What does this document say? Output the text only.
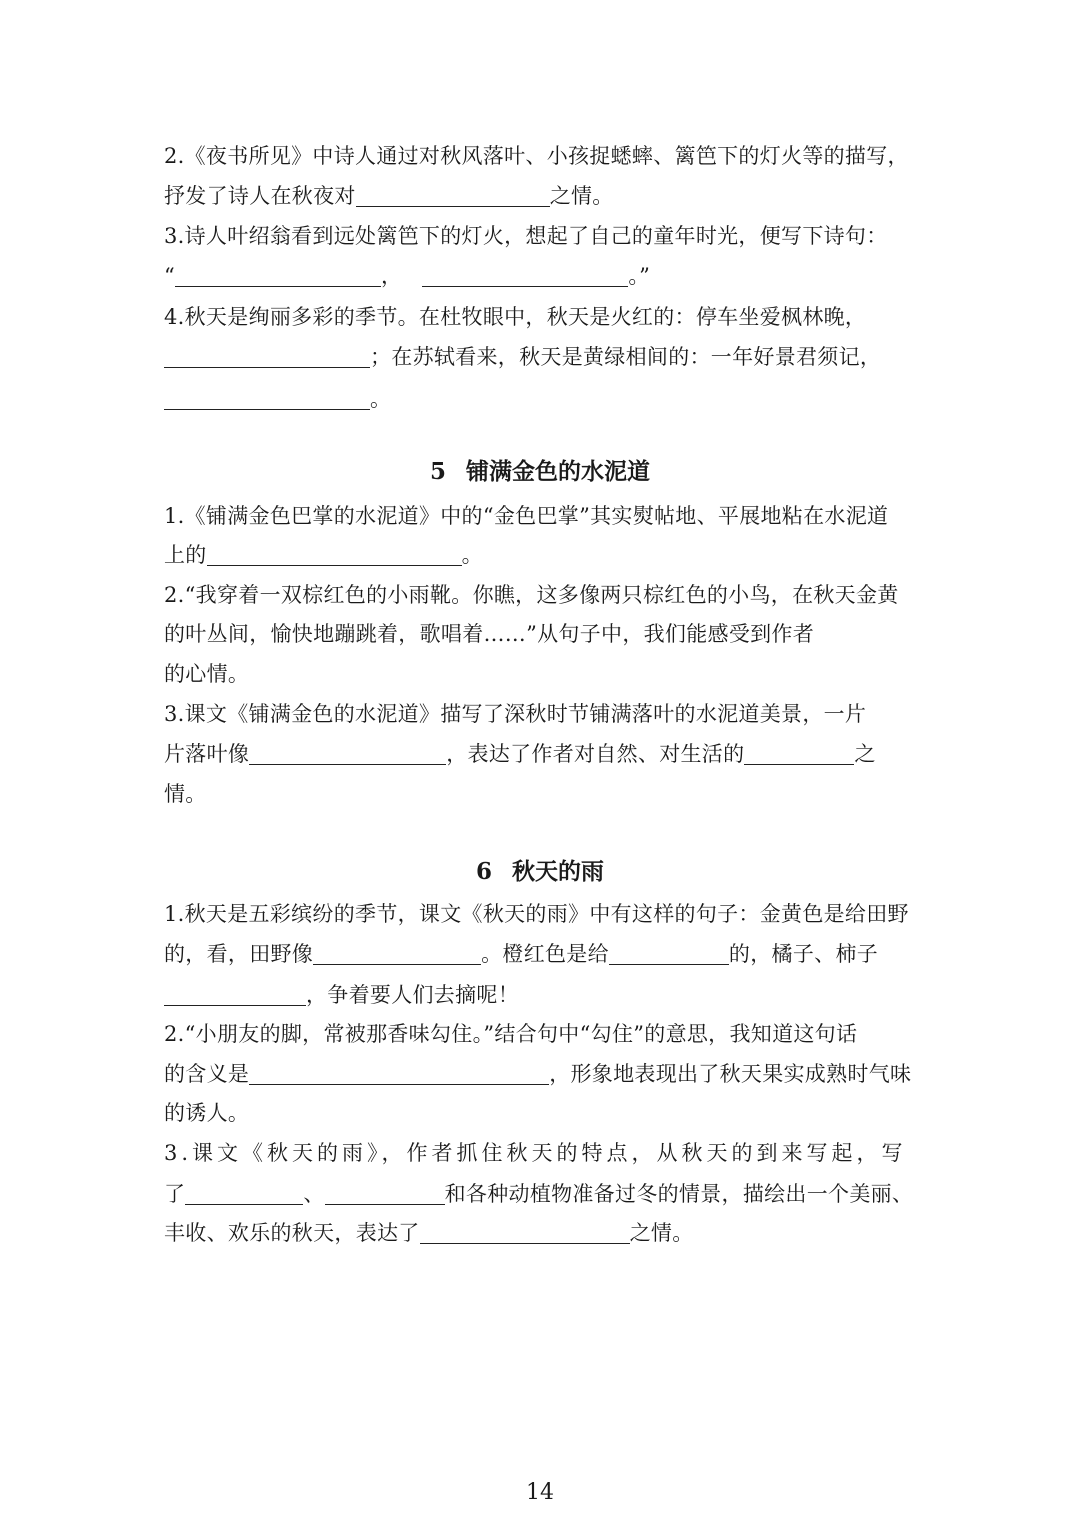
2.《夜书所见》中诗人通过对秋风落叶、小孩捉蟋蟀、篱笆下的灯火等的描写，
抒发了诗人在秋夜对	之情。
3.诗人叶绍翁看到远处篱笆下的灯火，想起了自己的童年时光，便写下诗句：
“	，	。”
4.秋天是绚丽多彩的季节。在杜牧眼中，秋天是火红的：停车坐爱枫林晚，
；在苏轼看来，秋天是黄绿相间的：一年好景君须记，
。
5 铺满金色的水泥道
1.《铺满金色巴掌的水泥道》中的“金色巴掌”其实熨帖地、平展地粘在水泥道
上的	。
2.“我穿着一双棕红色的小雨靴。你瞧，这多像两只棕红色的小鸟，在秋天金黄
的叶丛间，愉快地蹦跳着，歌唱着……”从句子中，我们能感受到作者
的心情。
3.课文《铺满金色的水泥道》描写了深秋时节铺满落叶的水泥道美景，一片
片落叶像	，表达了作者对自然、对生活的	之
情。
6 秋天的雨
1.秋天是五彩缤纷的季节，课文《秋天的雨》中有这样的句子：金黄色是给田野
的，看，田野像	。橙红色是给	的，橘子、柿子
，争着要人们去摘呢！
2.“小朋友的脚，常被那香味勾住。”结合句中“勾住”的意思，我知道这句话
的含义是	，形象地表现出了秋天果实成熟时气味
的诱人。
3.课文《秋天的雨》，作者抓住秋天的特点，从秋天的到来写起，写
了	、	和各种动植物准备过冬的情景，描绘出一个美丽、
丰收、欢乐的秋天，表达了	之情。
14
